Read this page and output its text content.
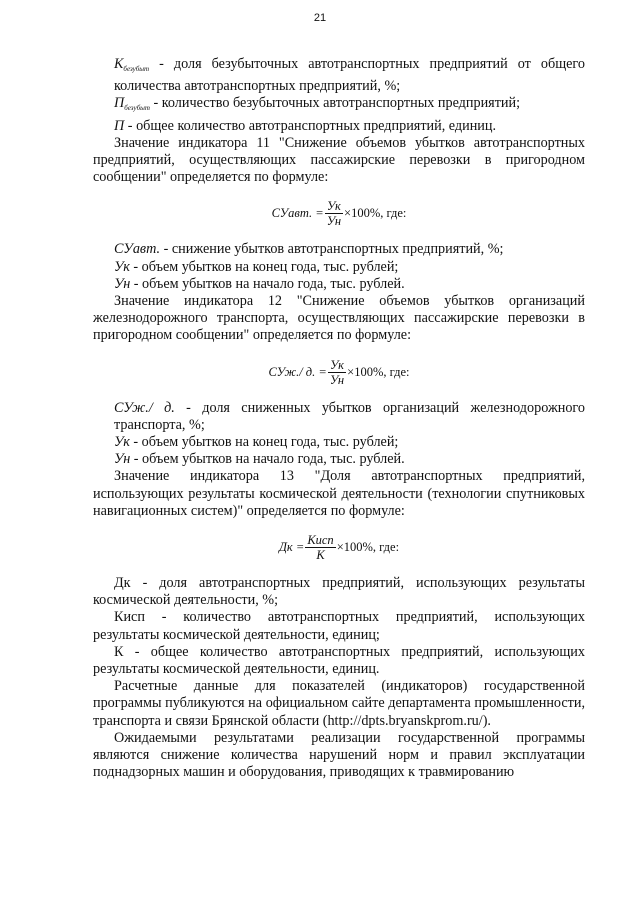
21

$К_{безубыт}$ - доля безубыточных автотранспортных предприятий от общего количества автотранспортных предприятий, %;

$П_{безубыт}$ - количество безубыточных автотранспортных предприятий;

П - общее количество автотранспортных предприятий, единиц.

Значение индикатора 11 "Снижение объемов убытков автотранспортных предприятий, осуществляющих пассажирские перевозки в пригородном сообщении" определяется по формуле:

СУавт. = $\frac{Ук}{Ун} \times 100\%$ , где:

СУавт. - снижение убытков автотранспортных предприятий, %;

Ук - объем убытков на конец года, тыс. рублей;

Ун - объем убытков на начало года, тыс. рублей.

Значение индикатора 12 "Снижение объемов убытков организаций железнодорожного транспорта, осуществляющих пассажирские перевозки в пригородном сообщении" определяется по формуле:

СУж./ д. = $\frac{Ук}{Ун} \times 100\%$ , где:

СУж./ д. - доля сниженных убытков организаций железнодорожного транспорта, %;

Ук - объем убытков на конец года, тыс. рублей;

Ун - объем убытков на начало года, тыс. рублей.

Значение индикатора 13 "Доля автотранспортных предприятий, использующих результаты космической деятельности (технологии спутниковых навигационных систем)" определяется по формуле:

Дк = $\frac{\text{Кисп}}{К} \times 100\%$ , где:

Дк - доля автотранспортных предприятий, использующих результаты космической деятельности, %;

Кисп - количество автотранспортных предприятий, использующих результаты космической деятельности, единиц;

К - общее количество автотранспортных предприятий, использующих результаты космической деятельности, единиц.

Расчетные данные для показателей (индикаторов) государственной программы публикуются на официальном сайте департамента промышленности, транспорта и связи Брянской области (http://dpts.bryanskprom.ru/).

Ожидаемыми результатами реализации государственной программы являются снижение количества нарушений норм и правил эксплуатации поднадзорных машин и оборудования, приводящих к травмированию
